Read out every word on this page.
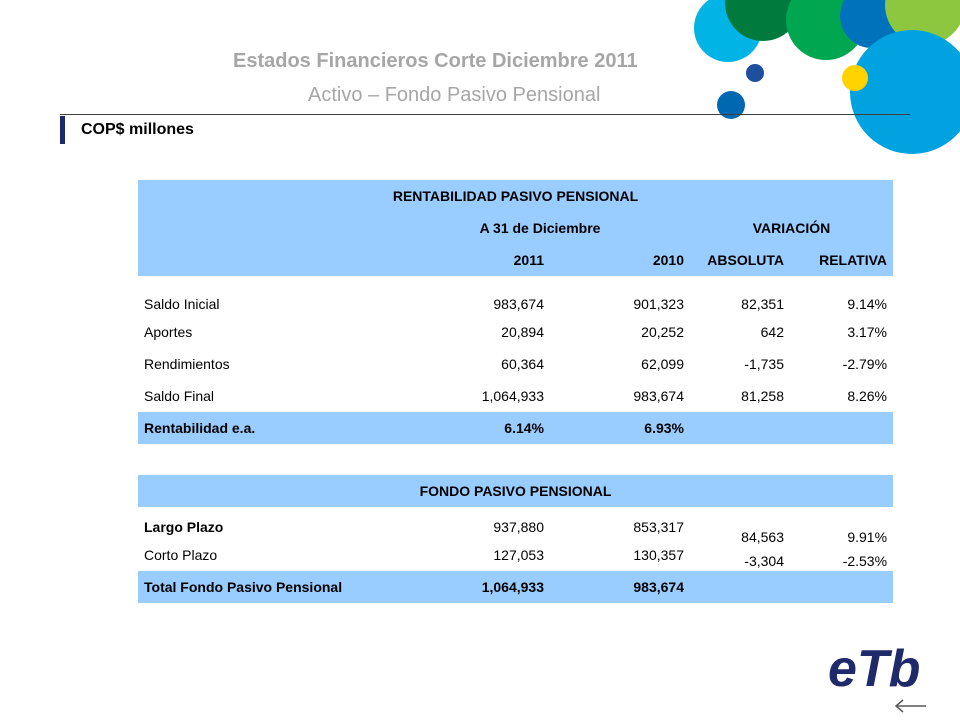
Estados Financieros Corte Diciembre 2011
Activo – Fondo Pasivo Pensional
COP$ millones
RENTABILIDAD PASIVO PENSIONAL				
	A 31 de Diciembre		VARIACIÓN	
	2011	2010	ABSOLUTA	RELATIVA
Saldo Inicial	983,674	901,323	82,351	9.14%
Aportes	20,894	20,252	642	3.17%
Rendimientos	60,364	62,099	-1,735	-2.79%
Saldo Final	1,064,933	983,674	81,258	8.26%
Rentabilidad e.a.	6.14%	6.93%		
FONDO PASIVO PENSIONAL				
Largo Plazo	937,880	853,317	84,563	9.91%
Corto Plazo	127,053	130,357	-3,304	-2.53%
Total Fondo Pasivo Pensional	1,064,933	983,674		
eTb
